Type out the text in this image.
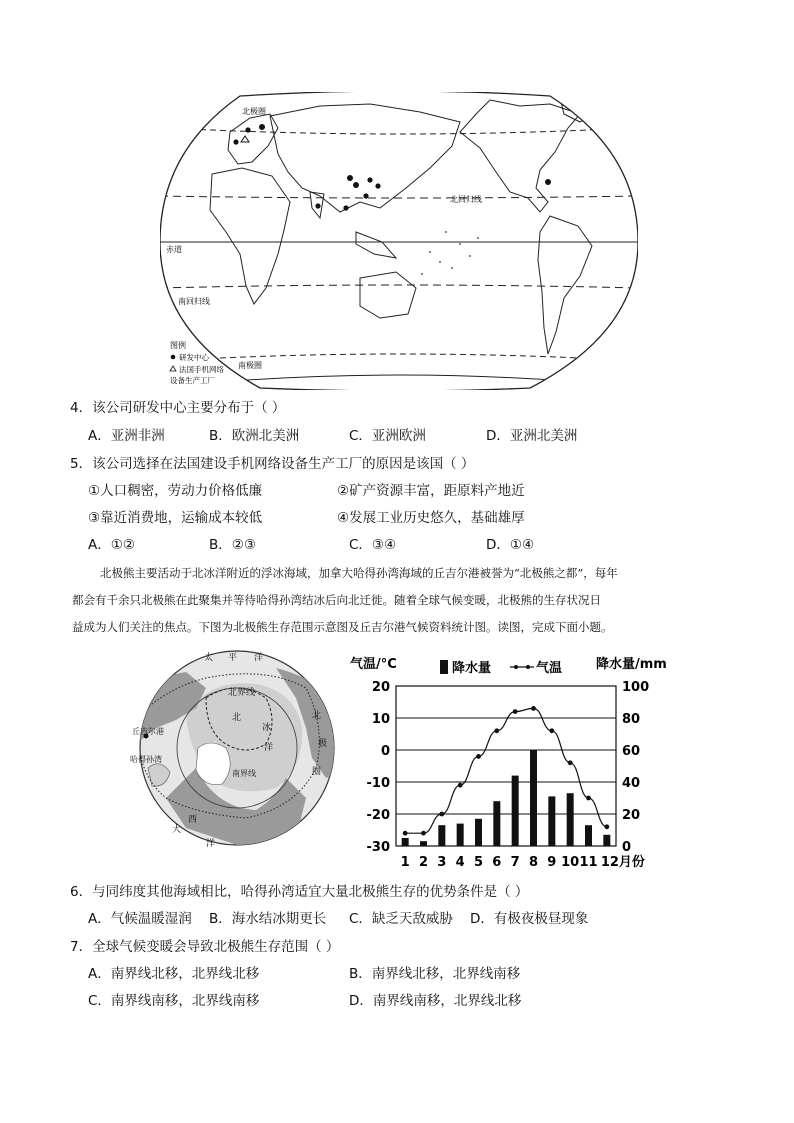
北极圈
北回归线
赤道
南回归线
南极圈
图例
研发中心
法国手机网络
设备生产工厂
4．该公司研发中心主要分布于（ ）
A．亚洲非洲	B．欧洲北美洲	C．亚洲欧洲	D．亚洲北美洲
5．该公司选择在法国建设手机网络设备生产工厂的原因是该国（ ）
①人口稠密，劳动力价格低廉	②矿产资源丰富，距原料产地近
③靠近消费地，运输成本较低	④发展工业历史悠久，基础雄厚
A．①②	B．②③	C．③④	D．①④
北极熊主要活动于北冰洋附近的浮冰海域，加拿大哈得孙湾海域的丘吉尔港被誉为“北极熊之都”，每年
都会有千余只北极熊在此聚集并等待哈得孙湾结冰后向北迁徙。随着全球气候变暖，北极熊的生存状况日
益成为人们关注的焦点。下图为北极熊生存范围示意图及丘吉尔港气候资料统计图。读图，完成下面小题。
太 平 洋
北界线
北
冰
洋
丘吉尔港
哈得孙湾
南界线
北
极
圈
大
西
洋
气温/°C	降水量	气温	降水量/mm
20	100
10	80
0	60
-10	40
-20	20
-30	0
1 2 3 4 5 6 7 8 9 10 11 12月份
6．与同纬度其他海域相比，哈得孙湾适宜大量北极熊生存的优势条件是（ ）
A．气候温暖湿润 B．海水结冰期更长 C．缺乏天敌威胁 D．有极夜极昼现象
7．全球气候变暖会导致北极熊生存范围（ ）
A．南界线北移，北界线北移	B．南界线北移，北界线南移
C．南界线南移，北界线南移	D．南界线南移，北界线北移
